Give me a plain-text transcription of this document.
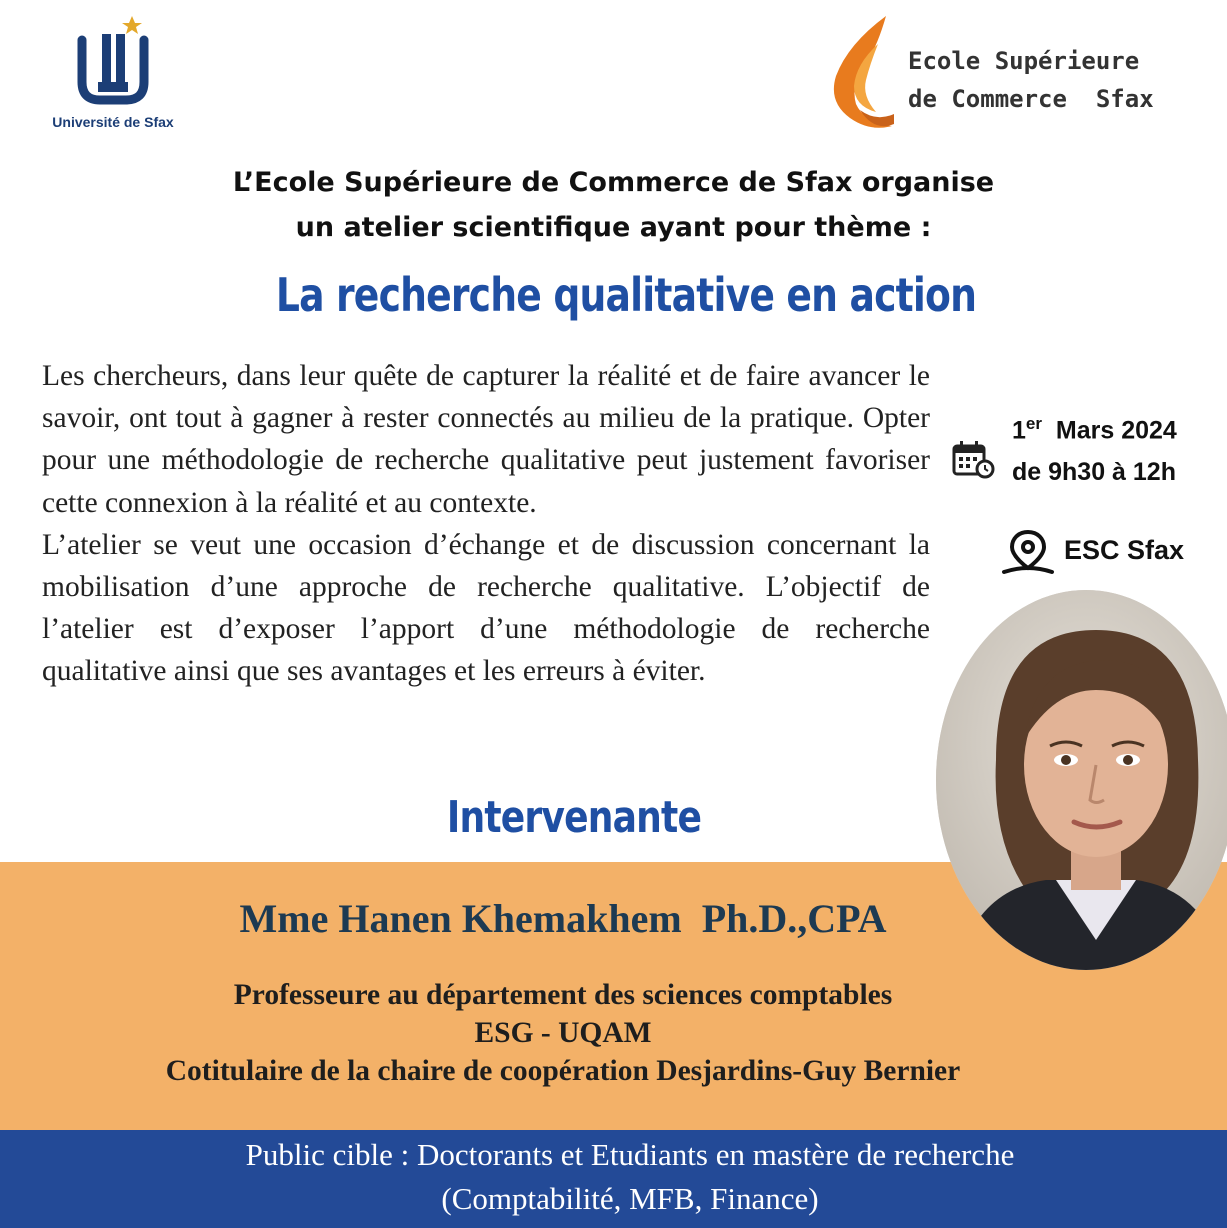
Université de Sfax
Ecole Supérieure
de Commerce  Sfax
L’Ecole Supérieure de Commerce de Sfax organise
un atelier scientifique ayant pour thème :
La recherche qualitative en action

Les chercheurs, dans leur quête de capturer la réalité et de faire avancer le savoir, ont tout à gagner à rester connectés au milieu de la pratique. Opter pour une méthodologie de recherche qualitative peut justement favoriser cette connexion à la réalité et au contexte.

L’atelier se veut une occasion d’échange et de discussion concernant la mobilisation d’une approche de recherche qualitative. L’objectif de l’atelier est d’exposer l’apport d’une méthodologie de recherche qualitative ainsi que ses avantages et les erreurs à éviter.

1er Mars 2024
de 9h30 à 12h
ESC Sfax
Intervenante
Mme Hanen Khemakhem  Ph.D.,CPA
Professeure au département des sciences comptables
ESG - UQAM
Cotitulaire de la chaire de coopération Desjardins-Guy Bernier
Public cible : Doctorants et Etudiants en mastère de recherche
(Comptabilité, MFB, Finance)
